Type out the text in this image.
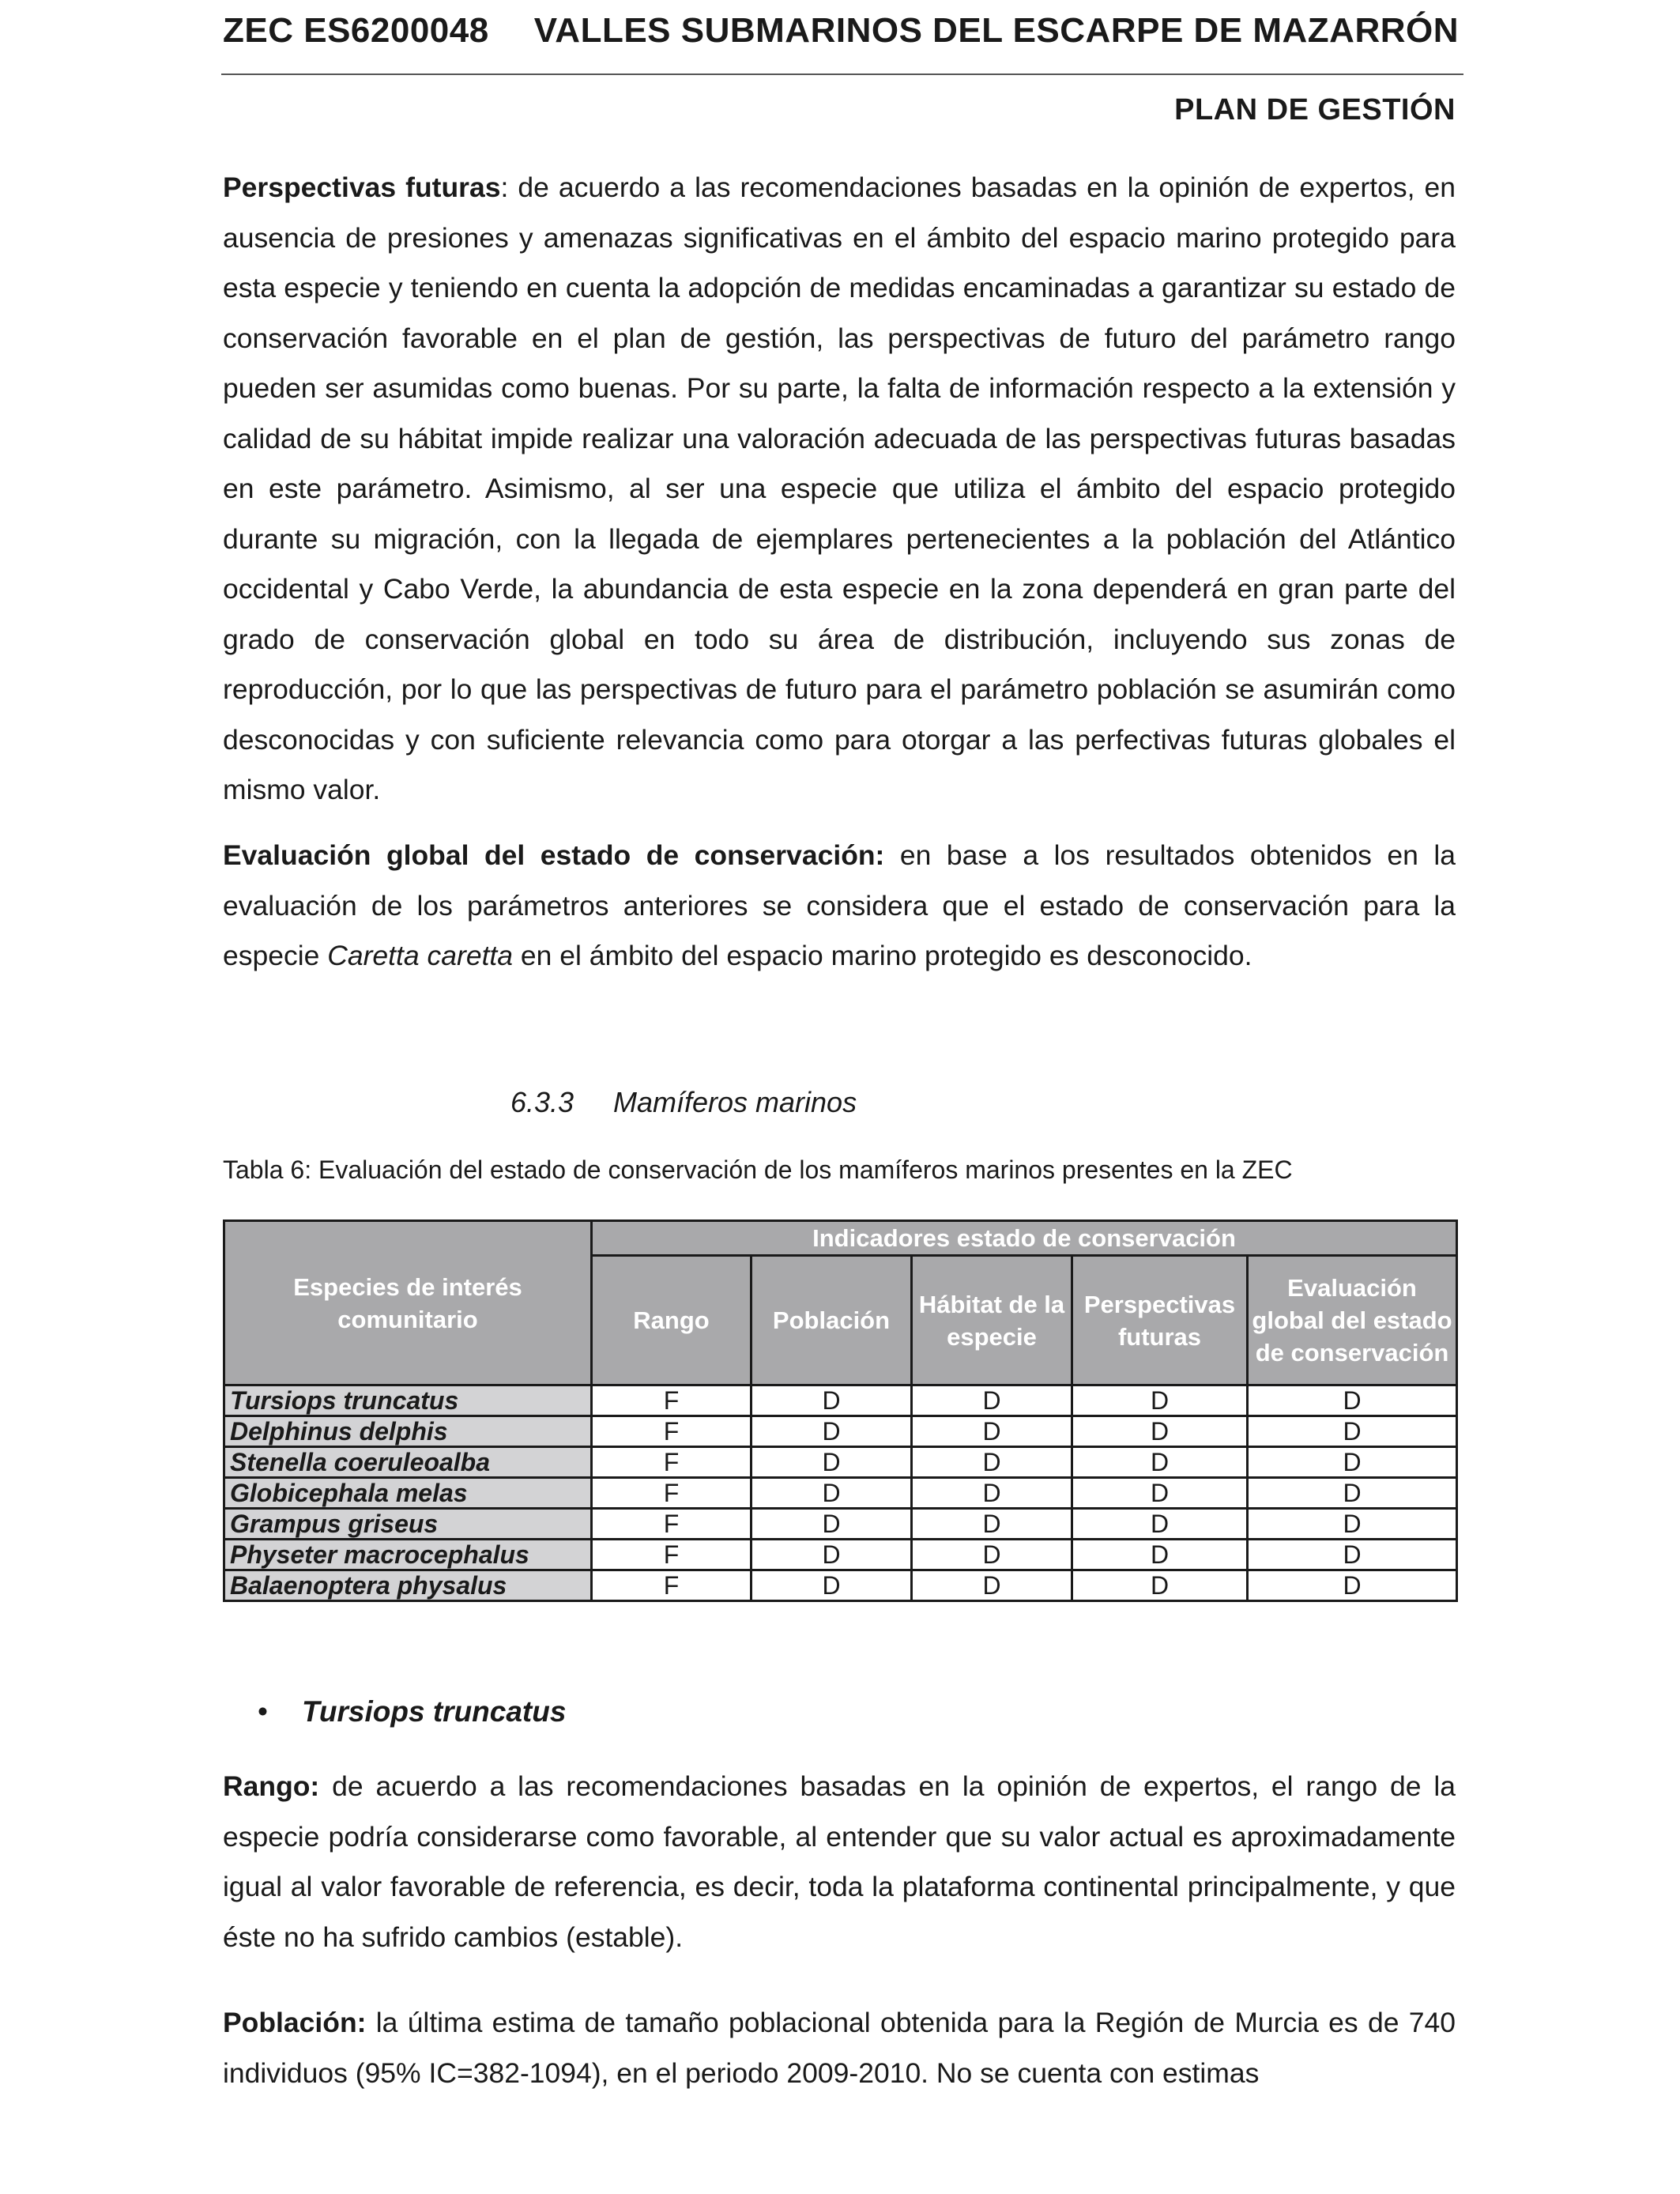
ZEC ES6200048 VALLES SUBMARINOS DEL ESCARPE DE MAZARRÓN
PLAN DE GESTIÓN
Perspectivas futuras: de acuerdo a las recomendaciones basadas en la opinión de expertos, en ausencia de presiones y amenazas significativas en el ámbito del espacio marino protegido para esta especie y teniendo en cuenta la adopción de medidas encaminadas a garantizar su estado de conservación favorable en el plan de gestión, las perspectivas de futuro del parámetro rango pueden ser asumidas como buenas. Por su parte, la falta de información respecto a la extensión y calidad de su hábitat impide realizar una valoración adecuada de las perspectivas futuras basadas en este parámetro. Asimismo, al ser una especie que utiliza el ámbito del espacio protegido durante su migración, con la llegada de ejemplares pertenecientes a la población del Atlántico occidental y Cabo Verde, la abundancia de esta especie en la zona dependerá en gran parte del grado de conservación global en todo su área de distribución, incluyendo sus zonas de reproducción, por lo que las perspectivas de futuro para el parámetro población se asumirán como desconocidas y con suficiente relevancia como para otorgar a las perfectivas futuras globales el mismo valor.
Evaluación global del estado de conservación: en base a los resultados obtenidos en la evaluación de los parámetros anteriores se considera que el estado de conservación para la especie Caretta caretta en el ámbito del espacio marino protegido es desconocido.
6.3.3 Mamíferos marinos
Tabla 6: Evaluación del estado de conservación de los mamíferos marinos presentes en la ZEC
Especies de interés comunitario	Indicadores estado de conservación				
	Rango	Población	Hábitat de la especie	Perspectivas futuras	Evaluación global del estado de conservación
Tursiops truncatus	F	D	D	D	D
Delphinus delphis	F	D	D	D	D
Stenella coeruleoalba	F	D	D	D	D
Globicephala melas	F	D	D	D	D
Grampus griseus	F	D	D	D	D
Physeter macrocephalus	F	D	D	D	D
Balaenoptera physalus	F	D	D	D	D
• Tursiops truncatus
Rango: de acuerdo a las recomendaciones basadas en la opinión de expertos, el rango de la especie podría considerarse como favorable, al entender que su valor actual es aproximadamente igual al valor favorable de referencia, es decir, toda la plataforma continental principalmente, y que éste no ha sufrido cambios (estable).
Población: la última estima de tamaño poblacional obtenida para la Región de Murcia es de 740 individuos (95% IC=382-1094), en el periodo 2009-2010. No se cuenta con estimas
